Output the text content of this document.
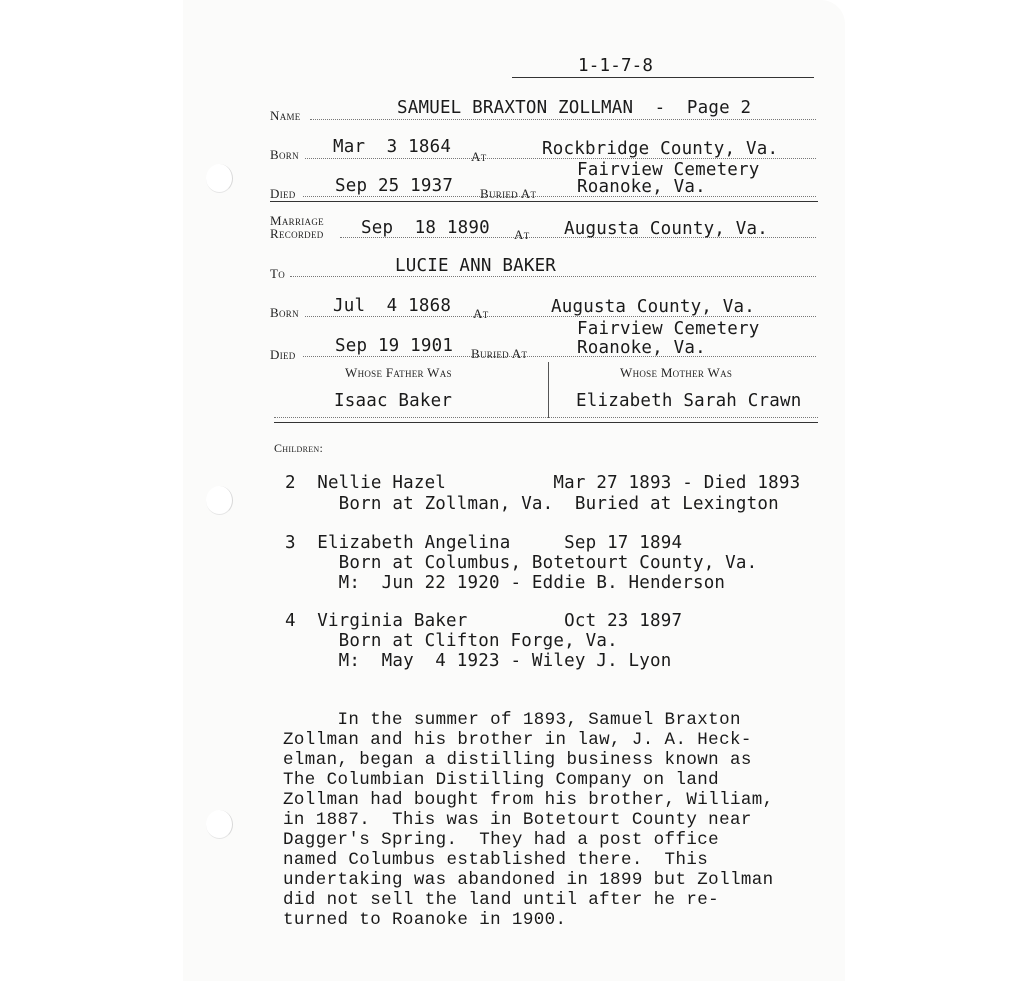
1-1-7-8
Name	SAMUEL BRAXTON ZOLLMAN  -  Page 2
Born Mar  3 1864 At	Rockbridge County, Va.
Fairview Cemetery
Died Sep 25 1937 Buried At Roanoke, Va.
Marriage
Recorded Sep  18 1890 At Augusta County, Va.
To	LUCIE ANN BAKER
Born Jul  4 1868 At	Augusta County, Va.
Fairview Cemetery
Died Sep 19 1901 Buried At	Roanoke, Va.
Whose Father Was	Whose Mother Was
Isaac Baker	Elizabeth Sarah Crawn
Children:
2  Nellie Hazel          Mar 27 1893 - Died 1893
Born at Zollman, Va.  Buried at Lexington
3  Elizabeth Angelina     Sep 17 1894
Born at Columbus, Botetourt County, Va.
M:  Jun 22 1920 - Eddie B. Henderson
4  Virginia Baker         Oct 23 1897
Born at Clifton Forge, Va.
M:  May  4 1923 - Wiley J. Lyon
In the summer of 1893, Samuel Braxton
Zollman and his brother in law, J. A. Heck-
elman, began a distilling business known as
The Columbian Distilling Company on land
Zollman had bought from his brother, William,
in 1887.  This was in Botetourt County near
Dagger's Spring.  They had a post office
named Columbus established there.  This
undertaking was abandoned in 1899 but Zollman
did not sell the land until after he re-
turned to Roanoke in 1900.
